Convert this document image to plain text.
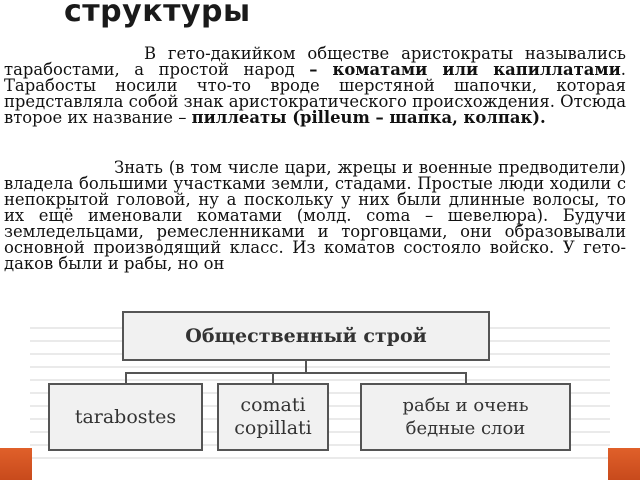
структуры

В гето-дакийком обществе аристократы назывались тарабостами, а простой народ – коматами или капиллатами. Тарабосты носили что-то вроде шерстяной шапочки, которая представляла собой знак аристократического происхождения. Отсюда второе их название – пиллеаты (pilleum – шапка, колпак).

Знать (в том числе цари, жрецы и военные предводители) владела большими участками земли, стадами. Простые люди ходили с непокрытой головой, ну а поскольку у них были длинные волосы, то их ещё именовали коматами (молд. coma – шевелюра). Будучи земледельцами, ремесленниками и торговцами, они образовывали основной производящий класс. Из коматов состояло войско. У гето-даков были и рабы, но он

Общественный строй
tarabostes
comati
copillati
рабы и очень
бедные слои
